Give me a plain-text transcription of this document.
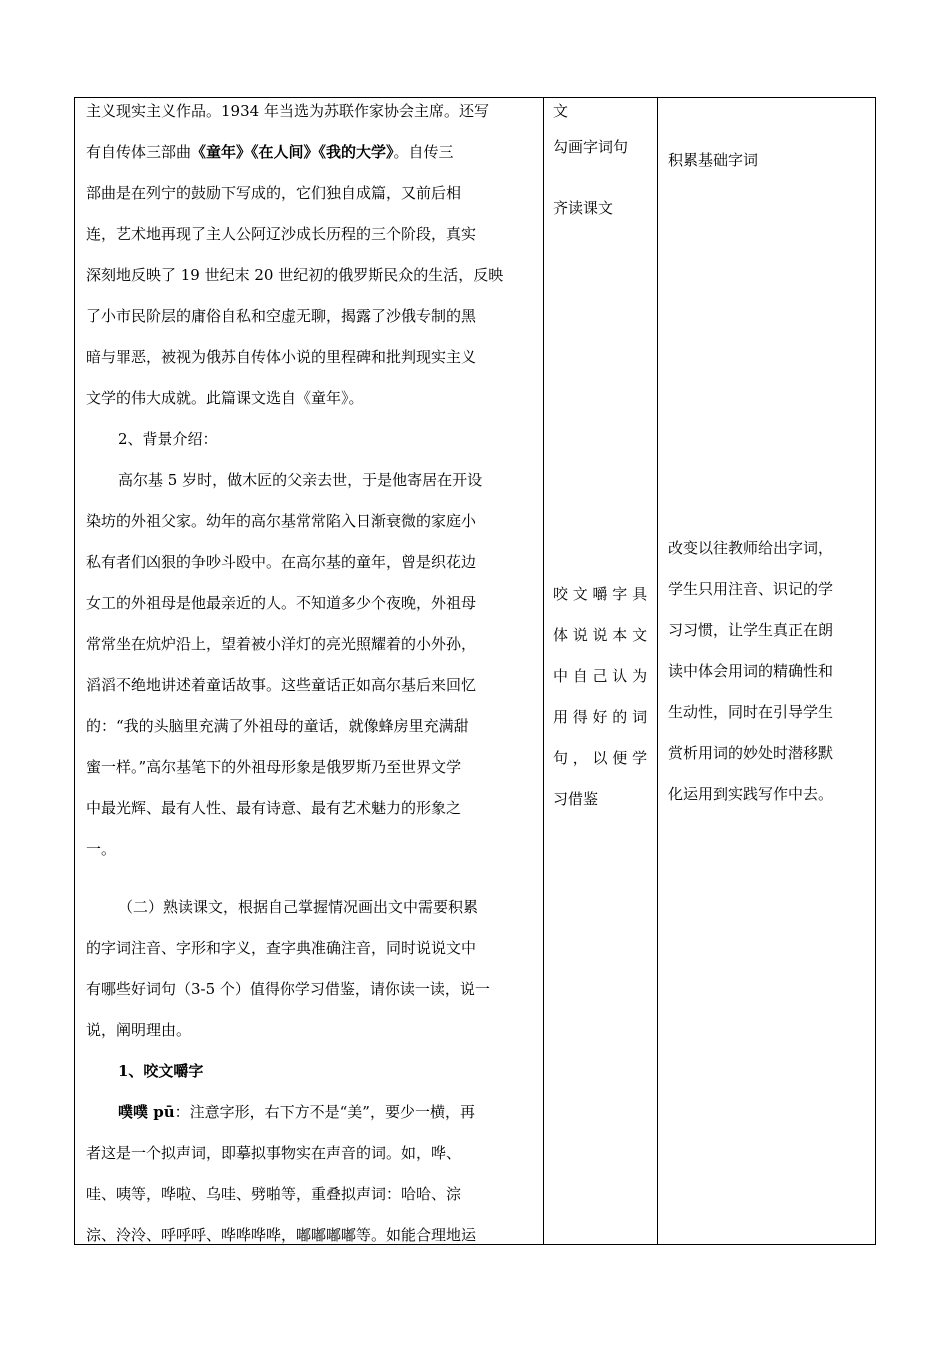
主义现实主义作品。1934 年当选为苏联作家协会主席。还写
有自传体三部曲《童年》《在人间》《我的大学》。自传三
部曲是在列宁的鼓励下写成的，它们独自成篇，又前后相
连，艺术地再现了主人公阿辽沙成长历程的三个阶段，真实
深刻地反映了 19 世纪末 20 世纪初的俄罗斯民众的生活，反映
了小市民阶层的庸俗自私和空虚无聊，揭露了沙俄专制的黑
暗与罪恶，被视为俄苏自传体小说的里程碑和批判现实主义
文学的伟大成就。此篇课文选自《童年》。
2、背景介绍：
高尔基 5 岁时，做木匠的父亲去世，于是他寄居在开设
染坊的外祖父家。幼年的高尔基常常陷入日渐衰微的家庭小
私有者们凶狠的争吵斗殴中。在高尔基的童年，曾是织花边
女工的外祖母是他最亲近的人。不知道多少个夜晚，外祖母
常常坐在炕炉沿上，望着被小洋灯的亮光照耀着的小外孙，
滔滔不绝地讲述着童话故事。这些童话正如高尔基后来回忆
的：“我的头脑里充满了外祖母的童话，就像蜂房里充满甜
蜜一样。”高尔基笔下的外祖母形象是俄罗斯乃至世界文学
中最光辉、最有人性、最有诗意、最有艺术魅力的形象之
一。
（二）熟读课文，根据自己掌握情况画出文中需要积累
的字词注音、字形和字义，查字典准确注音，同时说说文中
有哪些好词句（3-5 个）值得你学习借鉴，请你读一读，说一
说，阐明理由。
1、咬文嚼字
噗噗 pū：注意字形，右下方不是“美”，要少一横，再
者这是一个拟声词，即摹拟事物实在声音的词。如，哗、
哇、咦等，哗啦、乌哇、劈啪等，重叠拟声词：哈哈、淙
淙、泠泠、呼呼呼、哗哗哗哗，嘟嘟嘟嘟等。如能合理地运
文
勾画字词句
齐读课文
咬 文 嚼 字 具
体 说 说 本 文
中 自 己 认 为
用 得 好 的 词
句 ， 以 便 学
习借鉴
积累基础字词
改变以往教师给出字词，
学生只用注音、识记的学
习习惯，让学生真正在朗
读中体会用词的精确性和
生动性，同时在引导学生
赏析用词的妙处时潜移默
化运用到实践写作中去。
